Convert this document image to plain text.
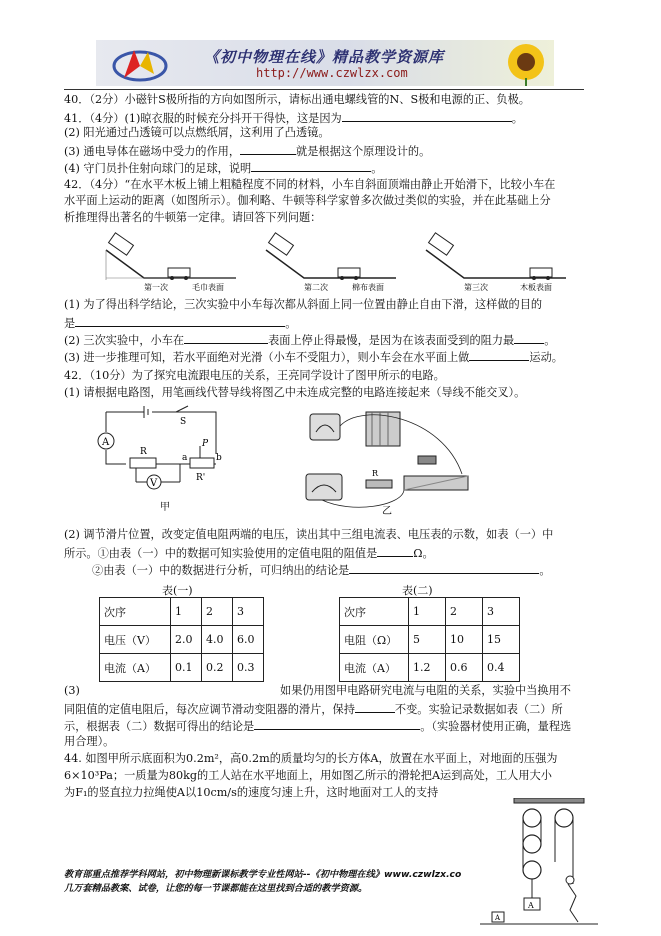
《初中物理在线》精品教学资源库
http://www.czwlzx.com
40．（2分）小磁针S极所指的方向如图所示，请标出通电螺线管的N、S极和电源的正、负极。
41．（4分）(1)晾衣服的时候充分抖开干得快，这是因为	。
(2) 阳光通过凸透镜可以点燃纸屑，这利用了凸透镜。
(3) 通电导体在磁场中受力的作用，	就是根据这个原理设计的。
(4) 守门员扑住射向球门的足球，说明	。
42．（4分）“在水平木板上铺上粗糙程度不同的材料，小车自斜面顶端由静止开始滑下，比较小车在
水平面上运动的距离（如图所示）。伽利略、牛顿等科学家曾多次做过类似的实验，并在此基础上分
析推理得出著名的牛顿第一定律。请回答下列问题：
第一次	毛巾表面	第二次	棉布表面	第三次	木板表面
(1) 为了得出科学结论，三次实验中小车每次都从斜面上同一位置由静止自由下滑，这样做的目的
是	。
(2) 三次实验中，小车在	表面上停止得最慢，是因为在该表面受到的阻力最	。
(3) 进一步推理可知，若水平面绝对光滑（小车不受阻力），则小车会在水平面上做	运动。
42．（10分）为了探究电流跟电压的关系，王亮同学设计了图甲所示的电路。
(1) 请根据电路图，用笔画线代替导线将图乙中未连成完整的电路连接起来（导线不能交叉）。
A
S
R
P
a	b
R'
V
甲
R
乙
(2) 调节滑片位置，改变定值电阻两端的电压，读出其中三组电流表、电压表的示数，如表（一）中
所示。①由表（一）中的数据可知实验使用的定值电阻的阻值是	Ω。
②由表（一）中的数据进行分析，可归纳出的结论是	。
表(一)
次序	1	2	3
电压（V）	2.0	4.0	6.0
电流（A）	0.1	0.2	0.3
表(二)
次序	1	2	3
电阻（Ω）	5	10	15
电流（A）	1.2	0.6	0.4
(3)	如果仍用图甲电路研究电流与电阻的关系，实验中当换用不
同阻值的定值电阻后，每次应调节滑动变阻器的滑片，保持	不变。实验记录数据如表（二）所
示，根据表（二）数据可得出的结论是	。（实验器材使用正确，量程选
用合理）。
44. 如图甲所示底面积为0.2m²，高0.2m的质量均匀的长方体A，放置在水平面上，对地面的压强为
6×10³Pa；一质量为80kg的工人站在水平地面上，用如图乙所示的滑轮把A运到高处，工人用大小
为F₁的竖直拉力拉绳使A以10cm/s的速度匀速上升，这时地面对工人的支持
A
A
教育部重点推荐学科网站，初中物理新课标教学专业性网站--《初中物理在线》www.czwlzx.co
几万套精品教案、试卷，让您的每一节课都能在这里找到合适的教学资源。
